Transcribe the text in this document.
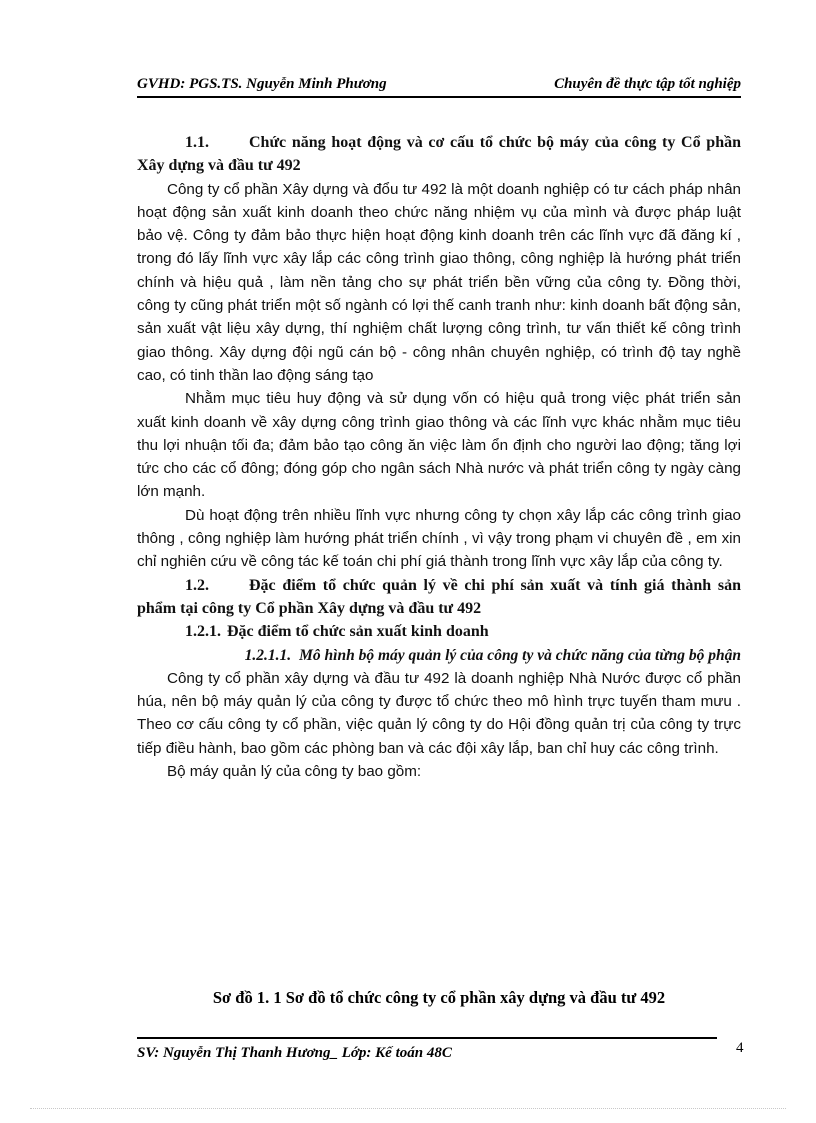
GVHD: PGS.TS. Nguyễn Minh Phương	Chuyên đề thực tập tốt nghiệp

1.1.	Chức năng hoạt động và cơ cấu tổ chức bộ máy của công ty Cổ phần Xây dựng và đầu tư 492

Công ty cổ phần Xây dựng và đổu tư 492 là một doanh nghiệp có tư cách pháp nhân hoạt động sản xuất kinh doanh theo chức năng nhiệm vụ của mình và được pháp luật bảo vệ. Công ty đảm bảo thực hiện hoạt động kinh doanh trên các lĩnh vực đã đăng kí , trong đó lấy lĩnh vực xây lắp các công trình giao thông, công nghiệp là hướng phát triển chính và hiệu quả , làm nền tảng cho sự phát triển bền vững của công ty. Đồng thời, công ty cũng phát triển một số ngành có lợi thế canh tranh như: kinh doanh bất động sản, sản xuất vật liệu xây dựng, thí nghiệm chất lượng công trình, tư vấn thiết kế công trình giao thông. Xây dựng đội ngũ cán bộ - công nhân chuyên nghiệp, có trình độ tay nghề cao, có tinh thần lao động sáng tạo

Nhằm mục tiêu huy động và sử dụng vốn có hiệu quả trong việc phát triển sản xuất kinh doanh về xây dựng công trình giao thông và các lĩnh vực khác nhằm mục tiêu thu lợi nhuận tối đa; đảm bảo tạo công ăn việc làm ổn định cho người lao động; tăng lợi tức cho các cổ đông; đóng góp cho ngân sách Nhà nước và phát triển công ty ngày càng lớn mạnh.

Dù hoạt động trên nhiều lĩnh vực nhưng công ty chọn xây lắp các công trình giao thông , công nghiệp làm hướng phát triển chính , vì vậy trong phạm vi chuyên đề , em xin chỉ nghiên cứu về công tác kế toán chi phí giá thành trong lĩnh vực xây lắp của công ty.

1.2.	Đặc điểm tổ chức quản lý về chi phí sản xuất và tính giá thành sản phẩm tại công ty Cổ phần Xây dựng và đầu tư 492

1.2.1. Đặc điểm tổ chức sản xuất kinh doanh

1.2.1.1. Mô hình bộ máy quản lý của công ty và chức năng của từng bộ phận

Công ty cổ phần xây dựng và đầu tư 492 là doanh nghiệp Nhà Nước được cổ phần húa, nên bộ máy quản lý của công ty được tổ chức theo mô hình trực tuyến tham mưu . Theo cơ cấu công ty cổ phần, việc quản lý công ty do Hội đồng quản trị của công ty trực tiếp điều hành, bao gồm các phòng ban và các đội xây lắp, ban chỉ huy các công trình.

Bộ máy quản lý của công ty bao gồm:

Sơ đồ 1. 1 Sơ đồ tổ chức công ty cổ phần xây dựng và đầu tư 492
4
SV: Nguyễn Thị Thanh Hương_ Lớp: Kế toán 48C
